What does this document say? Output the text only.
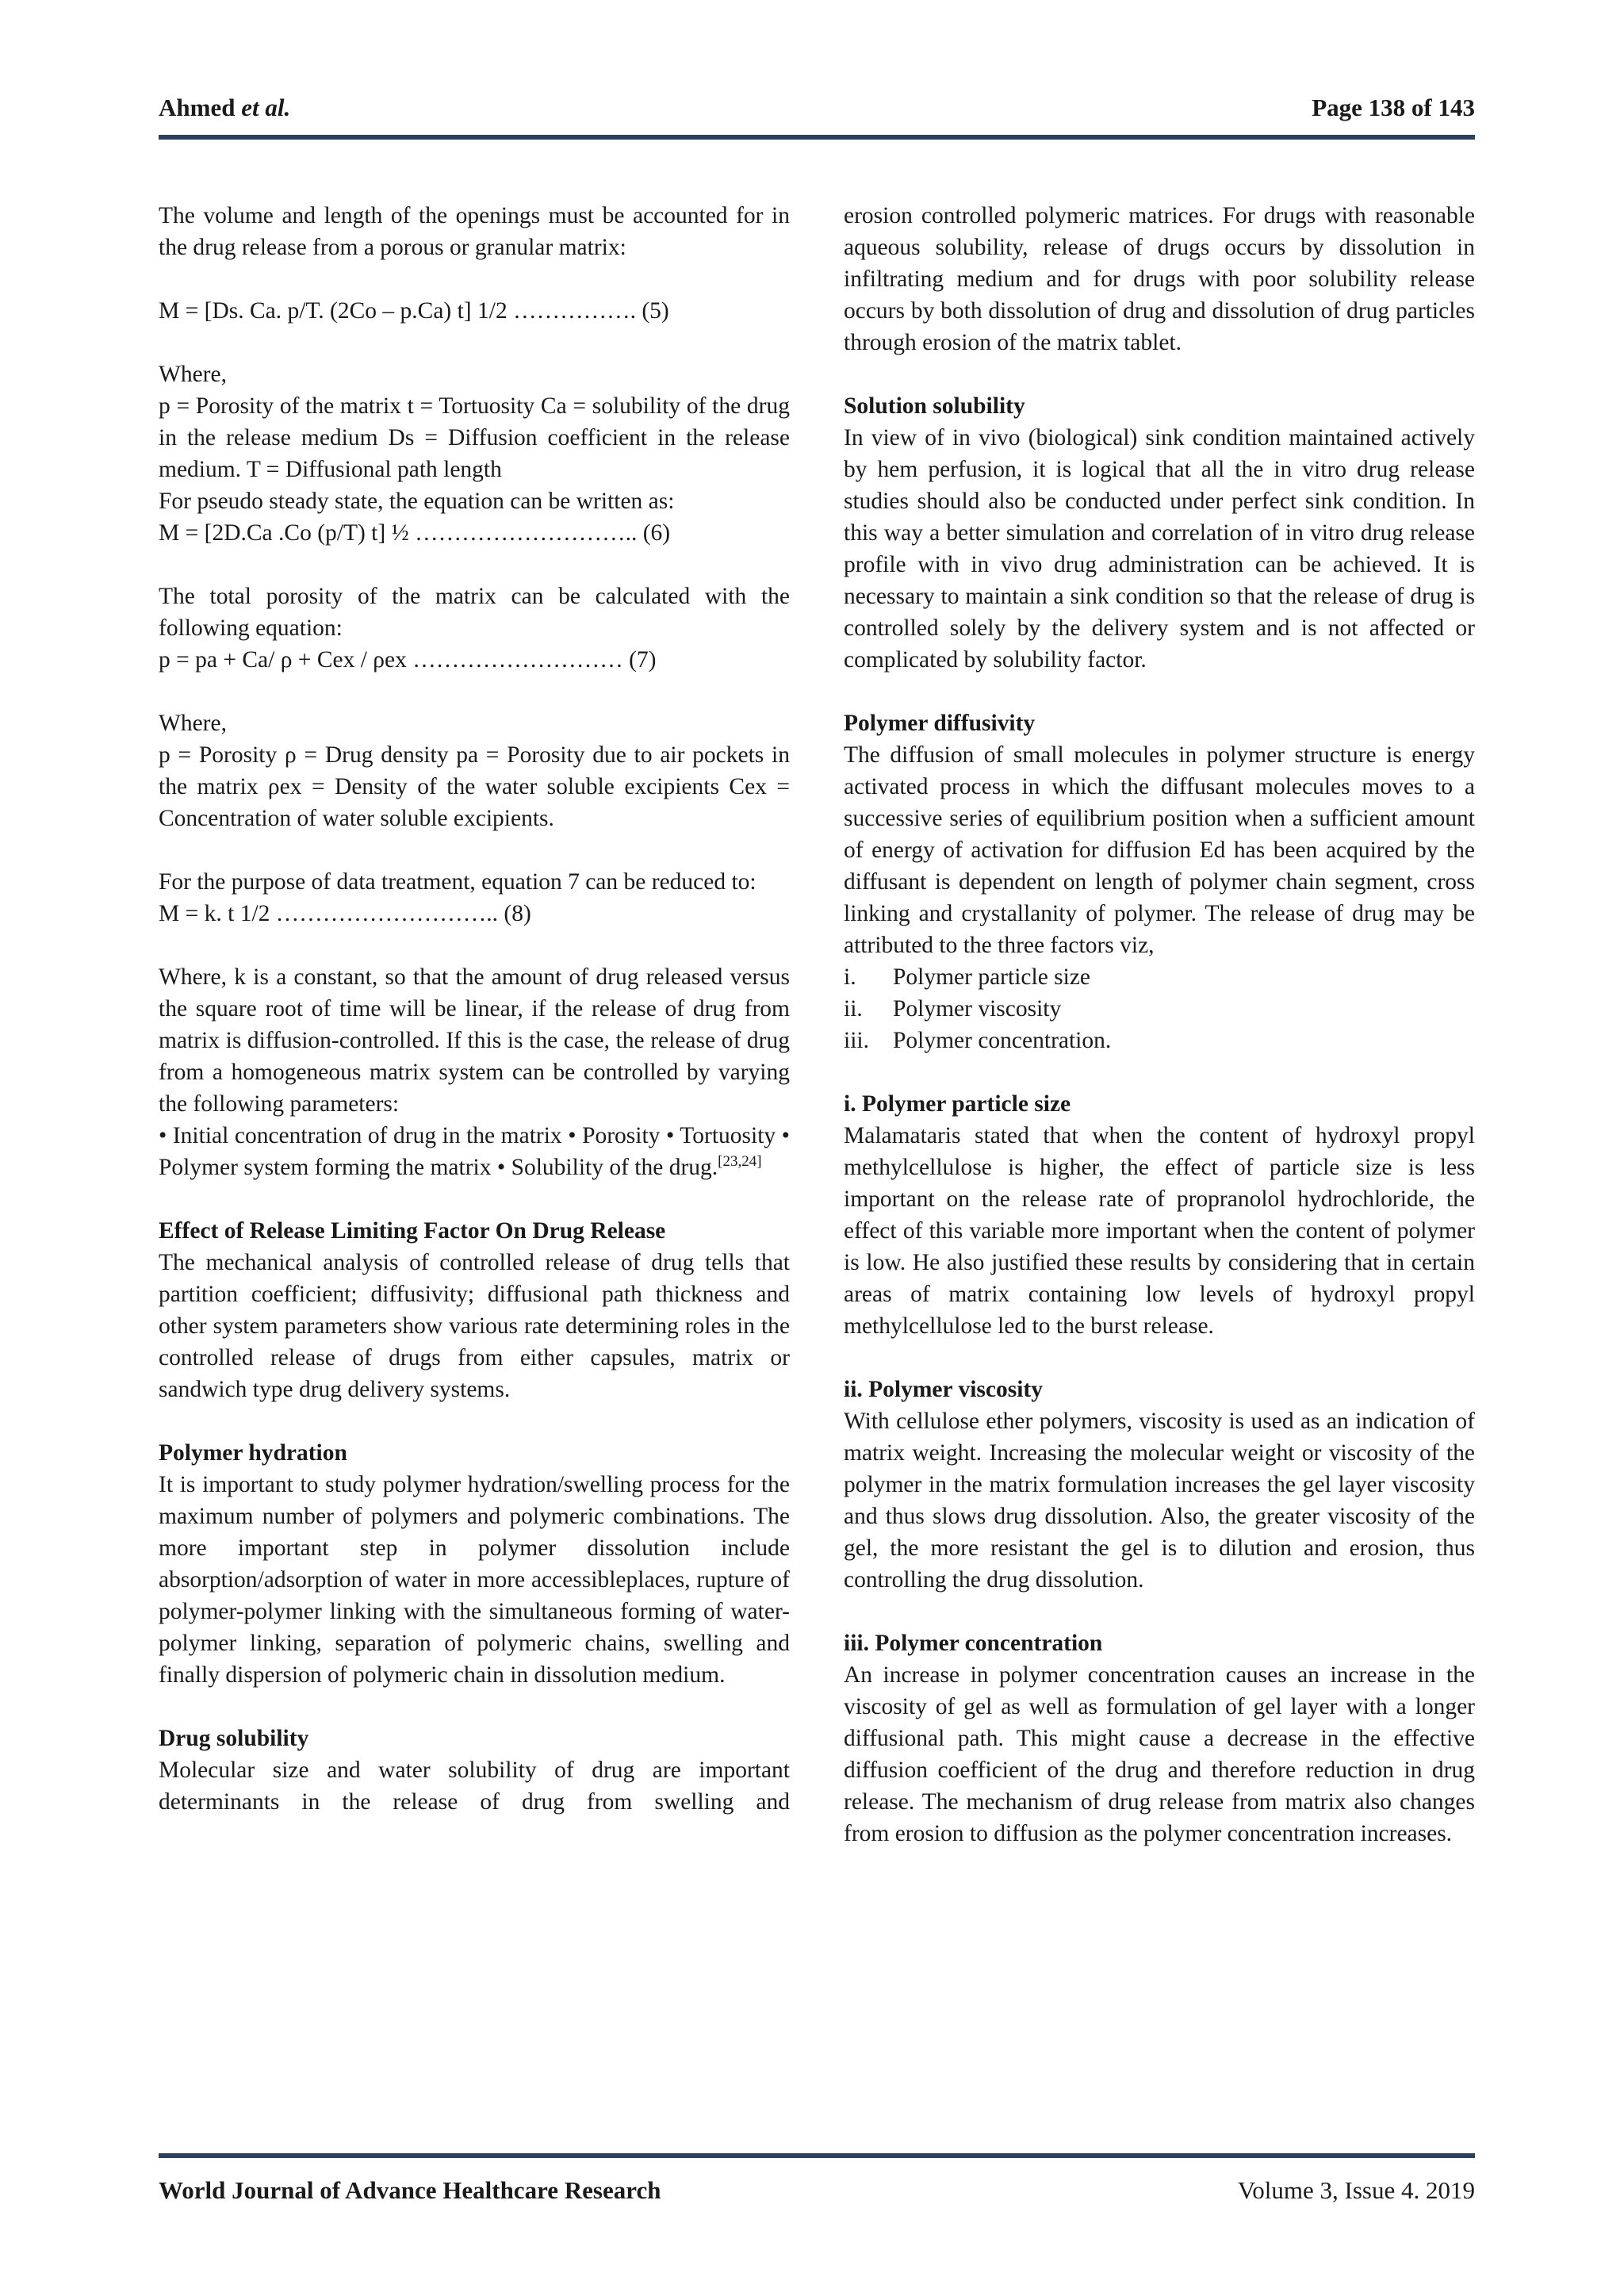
Ahmed et al.	Page 138 of 143

The volume and length of the openings must be accounted for in the drug release from a porous or granular matrix:

M = [Ds. Ca. p/T. (2Co – p.Ca) t] 1/2 ……………. (5)

Where,

p = Porosity of the matrix t = Tortuosity Ca = solubility of the drug in the release medium Ds = Diffusion coefficient in the release medium. T = Diffusional path length

For pseudo steady state, the equation can be written as:

M = [2D.Ca .Co (p/T) t] ½ ……………………….. (6)

The total porosity of the matrix can be calculated with the following equation:

p = pa + Ca/ ρ + Cex / ρex ……………………… (7)

Where,

p = Porosity ρ = Drug density pa = Porosity due to air pockets in the matrix ρex = Density of the water soluble excipients Cex = Concentration of water soluble excipients.

For the purpose of data treatment, equation 7 can be reduced to:

M = k. t 1/2 ……………………….. (8)

Where, k is a constant, so that the amount of drug released versus the square root of time will be linear, if the release of drug from matrix is diffusion-controlled. If this is the case, the release of drug from a homogeneous matrix system can be controlled by varying the following parameters:

• Initial concentration of drug in the matrix • Porosity • Tortuosity • Polymer system forming the matrix • Solubility of the drug.[23,24]

Effect of Release Limiting Factor On Drug Release

The mechanical analysis of controlled release of drug tells that partition coefficient; diffusivity; diffusional path thickness and other system parameters show various rate determining roles in the controlled release of drugs from either capsules, matrix or sandwich type drug delivery systems.

Polymer hydration

It is important to study polymer hydration/swelling process for the maximum number of polymers and polymeric combinations. The more important step in polymer dissolution include absorption/adsorption of water in more accessibleplaces, rupture of polymer-polymer linking with the simultaneous forming of water-polymer linking, separation of polymeric chains, swelling and finally dispersion of polymeric chain in dissolution medium.

Drug solubility

Molecular size and water solubility of drug are important determinants in the release of drug from swelling and

erosion controlled polymeric matrices. For drugs with reasonable aqueous solubility, release of drugs occurs by dissolution in infiltrating medium and for drugs with poor solubility release occurs by both dissolution of drug and dissolution of drug particles through erosion of the matrix tablet.

Solution solubility

In view of in vivo (biological) sink condition maintained actively by hem perfusion, it is logical that all the in vitro drug release studies should also be conducted under perfect sink condition. In this way a better simulation and correlation of in vitro drug release profile with in vivo drug administration can be achieved. It is necessary to maintain a sink condition so that the release of drug is controlled solely by the delivery system and is not affected or complicated by solubility factor.

Polymer diffusivity

The diffusion of small molecules in polymer structure is energy activated process in which the diffusant molecules moves to a successive series of equilibrium position when a sufficient amount of energy of activation for diffusion Ed has been acquired by the diffusant is dependent on length of polymer chain segment, cross linking and crystallanity of polymer. The release of drug may be attributed to the three factors viz,

i.	Polymer particle size
ii.	Polymer viscosity
iii.	Polymer concentration.

i. Polymer particle size

Malamataris stated that when the content of hydroxyl propyl methylcellulose is higher, the effect of particle size is less important on the release rate of propranolol hydrochloride, the effect of this variable more important when the content of polymer is low. He also justified these results by considering that in certain areas of matrix containing low levels of hydroxyl propyl methylcellulose led to the burst release.

ii. Polymer viscosity

With cellulose ether polymers, viscosity is used as an indication of matrix weight. Increasing the molecular weight or viscosity of the polymer in the matrix formulation increases the gel layer viscosity and thus slows drug dissolution. Also, the greater viscosity of the gel, the more resistant the gel is to dilution and erosion, thus controlling the drug dissolution.

iii. Polymer concentration

An increase in polymer concentration causes an increase in the viscosity of gel as well as formulation of gel layer with a longer diffusional path. This might cause a decrease in the effective diffusion coefficient of the drug and therefore reduction in drug release. The mechanism of drug release from matrix also changes from erosion to diffusion as the polymer concentration increases.

World Journal of Advance Healthcare Research	Volume 3, Issue 4. 2019
